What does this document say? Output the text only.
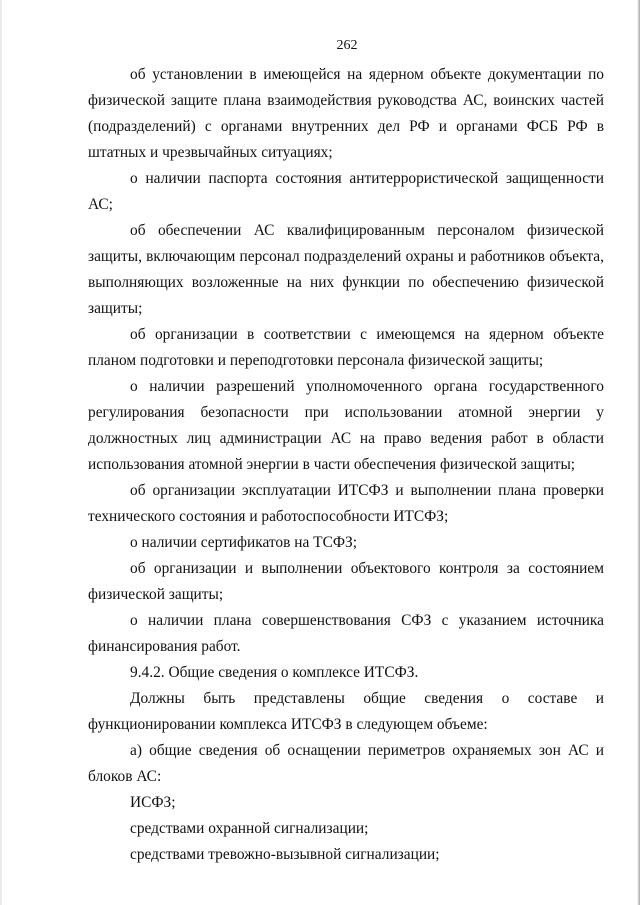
262

об установлении в имеющейся на ядерном объекте документации по физической защите плана взаимодействия руководства АС, воинских частей (подразделений) с органами внутренних дел РФ и органами ФСБ РФ в штатных и чрезвычайных ситуациях;

о наличии паспорта состояния антитеррористической защищенности АС;

об обеспечении АС квалифицированным персоналом физической защиты, включающим персонал подразделений охраны и работников объекта, выполняющих возложенные на них функции по обеспечению физической защиты;

об организации в соответствии с имеющемся на ядерном объекте планом подготовки и переподготовки персонала физической защиты;

о наличии разрешений уполномоченного органа государственного регулирования безопасности при использовании атомной энергии у должностных лиц администрации АС на право ведения работ в области использования атомной энергии в части обеспечения физической защиты;

об организации эксплуатации ИТСФЗ и выполнении плана проверки технического состояния и работоспособности ИТСФЗ;

о наличии сертификатов на ТСФЗ;

об организации и выполнении объектового контроля за состоянием физической защиты;

о наличии плана совершенствования СФЗ с указанием источника финансирования работ.

9.4.2. Общие сведения о комплексе ИТСФЗ.

Должны быть представлены общие сведения о составе и функционировании комплекса ИТСФЗ в следующем объеме:

а) общие сведения об оснащении периметров охраняемых зон АС и блоков АС:

ИСФЗ;

средствами охранной сигнализации;

средствами тревожно-вызывной сигнализации;
